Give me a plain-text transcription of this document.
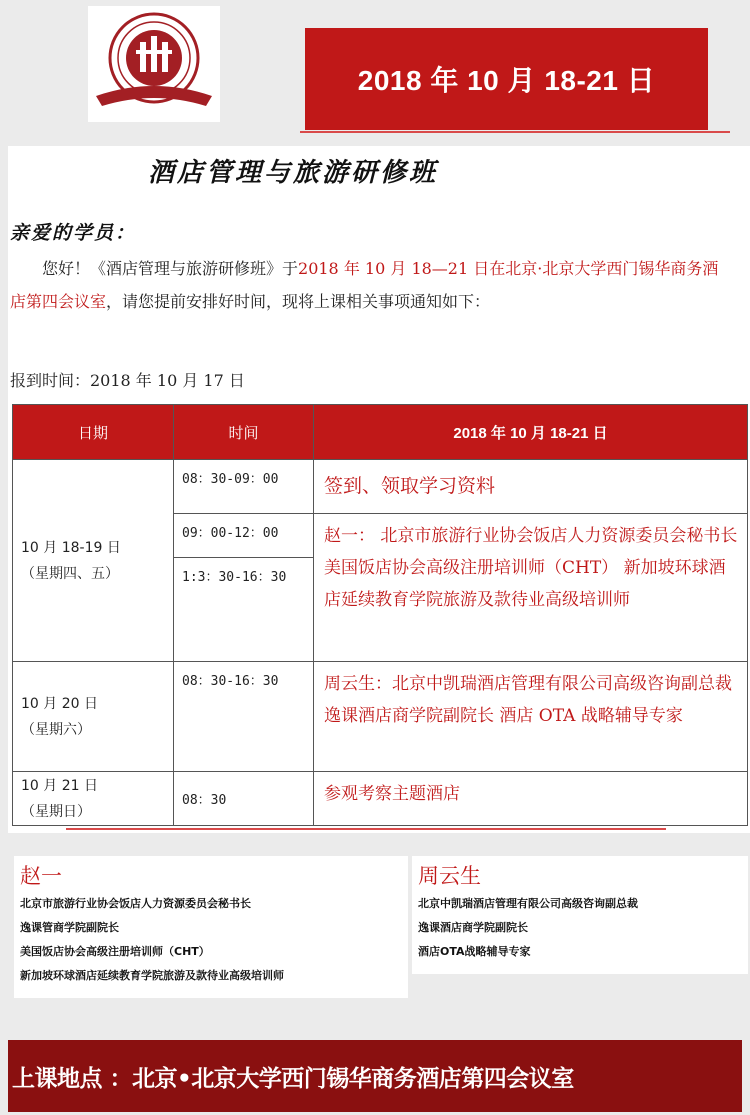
2018 年 10 月 18-21 日
酒店管理与旅游研修班
亲爱的学员：
  您好！《酒店管理与旅游研修班》于2018 年 10 月 18—21 日在北京·北京大学西门锡华商务酒店第四会议室，请您提前安排好时间，现将上课相关事项通知如下：
报到时间：2018 年 10 月 17 日
日期	时间	2018 年 10 月 18-21 日

10 月 18-19 日
（星期四、五）	08：30-09：00	签到、领取学习资料
	09：00-12：00	赵一： 北京市旅游行业协会饭店人力资源委员会秘书长 美国饭店协会高级注册培训师（CHT） 新加坡环球酒店延续教育学院旅游及款待业高级培训师
	1:3：30-16：30	

10 月 20 日
（星期六）	08：30-16：30	周云生：北京中凯瑞酒店管理有限公司高级咨询副总裁 逸课酒店商学院副院长 酒店 OTA 战略辅导专家

10 月 21 日
（星期日）	08：30	参观考察主题酒店
赵一

北京市旅游行业协会饭店人力资源委员会秘书长

逸课管商学院副院长

美国饭店协会高级注册培训师（CHT）

新加坡环球酒店延续教育学院旅游及款待业高级培训师

周云生

北京中凯瑞酒店管理有限公司高级咨询副总裁

逸课酒店商学院副院长

酒店OTA战略辅导专家

上课地点 ：北京•北京大学西门锡华商务酒店第四会议室
